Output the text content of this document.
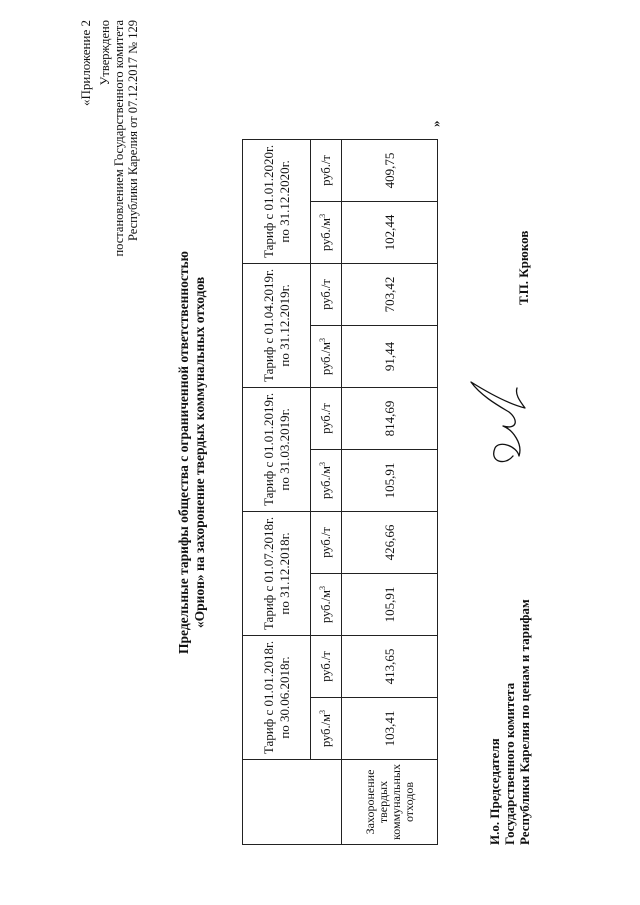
«Приложение 2 Утверждено постановлением Государственного комитета Республики Карелия от 07.12.2017 № 129
Предельные тарифы общества с ограниченной ответственностью «Орион» на захоронение твердых коммунальных отходов
	Тариф с 01.01.2018г. по 30.06.2018г.		Тариф с 01.07.2018г. по 31.12.2018г.		Тариф с 01.01.2019г. по 31.03.2019г.		Тариф с 01.04.2019г. по 31.12.2019г.		Тариф с 01.01.2020г. по 31.12.2020г.	
	$руб./м^3$	руб./т	$руб./м^3$	руб./т	$руб./м^3$	руб./т	$руб./м^3$	руб./т	$руб./м^3$	руб./т
Захоронение твердых коммунальных отходов	103,41	413,65	105,91	426,66	105,91	814,69	91,44	703,42	102,44	409,75
»
И.о. Председателя Государственного комитета Республики Карелия по ценам и тарифам
Т.П. Крюков
